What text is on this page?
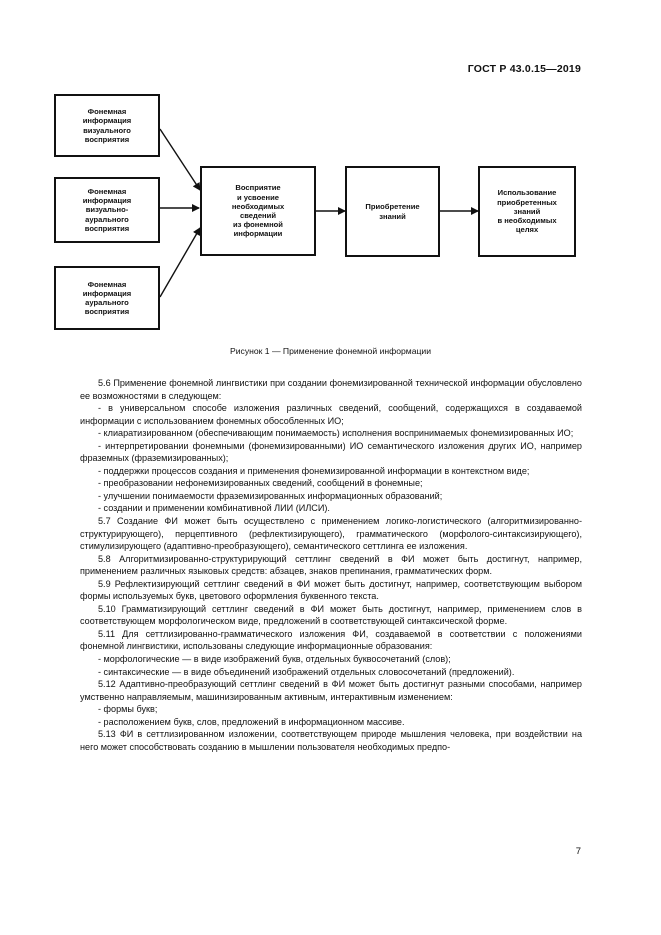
ГОСТ Р 43.0.15—2019
Фонемная
информация
визуального
восприятия
Фонемная
информация
визуально-
аурального
восприятия
Фонемная
информация
аурального
восприятия
Восприятие
и усвоение
необходимых
сведений
из фонемной
информации
Приобретение
знаний
Использование
приобретенных
знаний
в необходимых
целях
Рисунок 1 — Применение фонемной информации

5.6 Применение фонемной лингвистики при создании фонемизированной технической информации обусловлено ее возможностями в следующем:

- в универсальном способе изложения различных сведений, сообщений, содержащихся в создаваемой информации с использованием фонемных обособленных ИО;

- клиаратизированном (обеспечивающим понимаемость) исполнения воспринимаемых фонемизированных ИО;

- интерпретировании фонемными (фонемизированными) ИО семантического изложения других ИО, например фраземных (фраземизированных);

- поддержки процессов создания и применения фонемизированной информации в контекстном виде;

- преобразовании нефонемизированных сведений, сообщений в фонемные;

- улучшении понимаемости фраземизированных информационных образований;

- создании и применении комбинативной ЛИИ (ИЛСИ).

5.7 Создание ФИ может быть осуществлено с применением логико-логистического (алгоритмизированно-структурирующего), перцептивного (рефлектизирующего), грамматического (морфолого-синтаксизирующего), стимулизирующего (адаптивно-преобразующего), семантического сеттлинга ее изложения.

5.8 Алгоритмизированно-структурирующий сеттлинг сведений в ФИ может быть достигнут, например, применением различных языковых средств: абзацев, знаков препинания, грамматических форм.

5.9 Рефлектизирующий сеттлинг сведений в ФИ может быть достигнут, например, соответствующим выбором формы используемых букв, цветового оформления буквенного текста.

5.10 Грамматизирующий сеттлинг сведений в ФИ может быть достигнут, например, применением слов в соответствующем морфологическом виде, предложений в соответствующей синтаксической форме.

5.11 Для сеттлизированно-грамматического изложения ФИ, создаваемой в соответствии с положениями фонемной лингвистики, использованы следующие информационные образования:

- морфологические — в виде изображений букв, отдельных буквосочетаний (слов);

- синтаксические — в виде объединений изображений отдельных словосочетаний (предложений).

5.12 Адаптивно-преобразующий сеттлинг сведений в ФИ может быть достигнут разными способами, например умственно направляемым, машинизированным активным, интерактивным изменением:

- формы букв;

- расположением букв, слов, предложений в информационном массиве.

5.13 ФИ в сеттлизированном изложении, соответствующем природе мышления человека, при воздействии на него может способствовать созданию в мышлении пользователя необходимых предпо-

7
